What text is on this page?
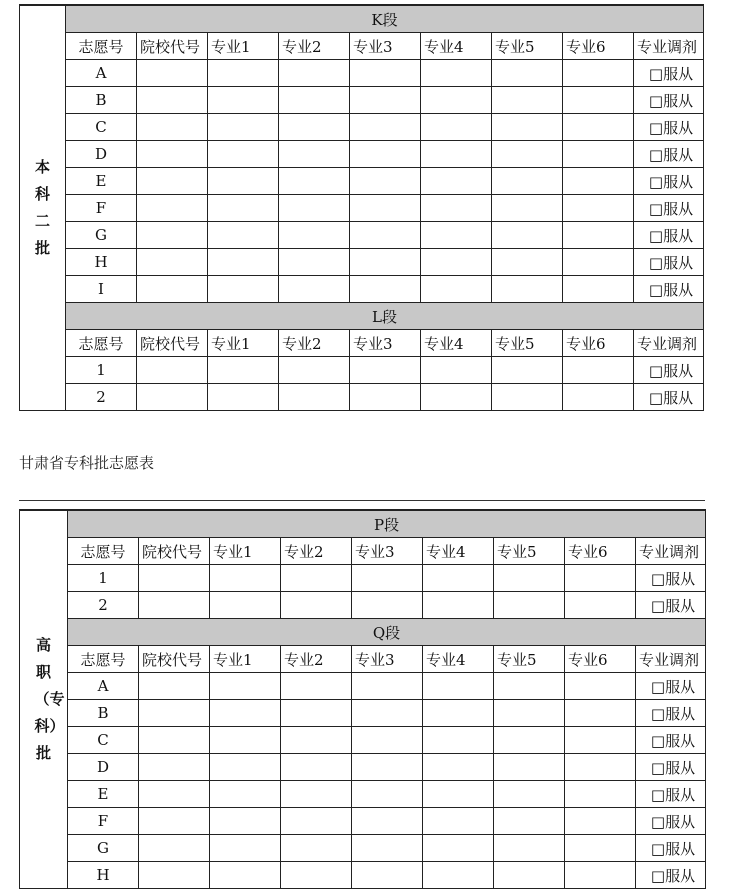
本科二批	K段								
	志愿号	院校代号	专业1	专业2	专业3	专业4	专业5	专业6	专业调剂
	A								□服从
	B								□服从
	C								□服从
	D								□服从
	E								□服从
	F								□服从
	G								□服从
	H								□服从
	I								□服从
	L段								
	志愿号	院校代号	专业1	专业2	专业3	专业4	专业5	专业6	专业调剂
	1								□服从
	2								□服从
甘肃省专科批志愿表
高职（专科）批	P段								
	志愿号	院校代号	专业1	专业2	专业3	专业4	专业5	专业6	专业调剂
	1								□服从
	2								□服从
	Q段								
	志愿号	院校代号	专业1	专业2	专业3	专业4	专业5	专业6	专业调剂
	A								□服从
	B								□服从
	C								□服从
	D								□服从
	E								□服从
	F								□服从
	G								□服从
	H								□服从
